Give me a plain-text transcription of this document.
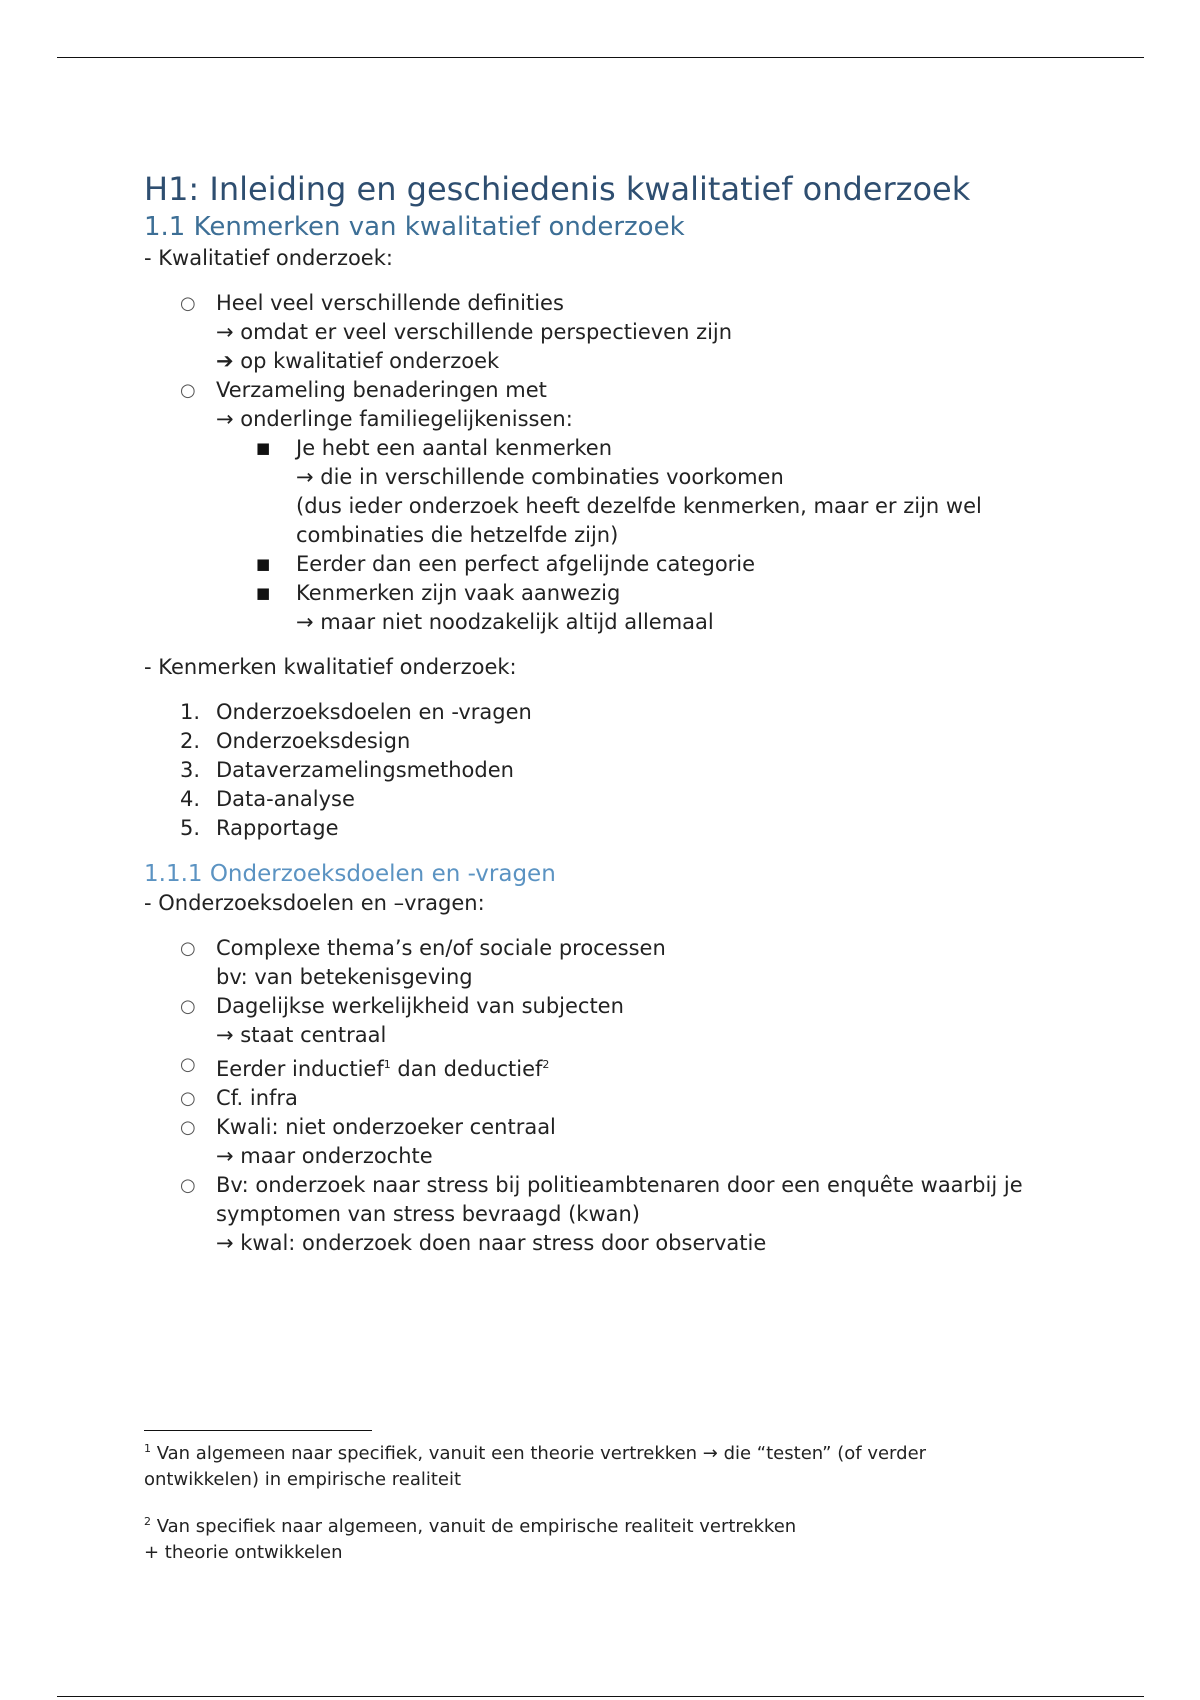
H1: Inleiding en geschiedenis kwalitatief onderzoek
1.1 Kenmerken van kwalitatief onderzoek
- Kwalitatief onderzoek:
○ Heel veel verschillende definities
→ omdat er veel verschillende perspectieven zijn
➔ op kwalitatief onderzoek
○ Verzameling benaderingen met
→ onderlinge familiegelijkenissen:
■ Je hebt een aantal kenmerken
→ die in verschillende combinaties voorkomen
(dus ieder onderzoek heeft dezelfde kenmerken, maar er zijn wel combinaties die hetzelfde zijn)
■ Eerder dan een perfect afgelijnde categorie
■ Kenmerken zijn vaak aanwezig
→ maar niet noodzakelijk altijd allemaal
- Kenmerken kwalitatief onderzoek:
1. Onderzoeksdoelen en -vragen
2. Onderzoeksdesign
3. Dataverzamelingsmethoden
4. Data-analyse
5. Rapportage
1.1.1 Onderzoeksdoelen en -vragen
- Onderzoeksdoelen en –vragen:
○ Complexe thema’s en/of sociale processen
bv: van betekenisgeving
○ Dagelijkse werkelijkheid van subjecten
→ staat centraal
○ Eerder inductief$^1$ dan deductief$^2$
○ Cf. infra
○ Kwali: niet onderzoeker centraal
→ maar onderzochte
○ Bv: onderzoek naar stress bij politieambtenaren door een enquête waarbij je symptomen van stress bevraagd (kwan)
→ kwal: onderzoek doen naar stress door observatie
$^1$ Van algemeen naar specifiek, vanuit een theorie vertrekken → die “testen” (of verder ontwikkelen) in empirische realiteit
$^2$ Van specifiek naar algemeen, vanuit de empirische realiteit vertrekken
+ theorie ontwikkelen
